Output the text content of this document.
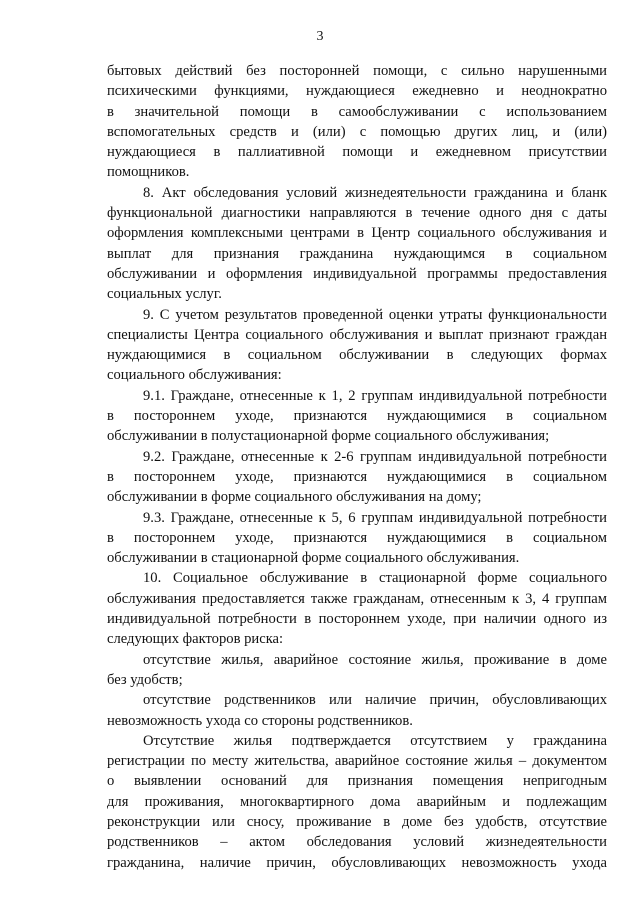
3
бытовых действий без посторонней помощи, с сильно нарушенными
психическими функциями, нуждающиеся ежедневно и неоднократно
в значительной помощи в самообслуживании с использованием
вспомогательных средств и (или) с помощью других лиц, и (или)
нуждающиеся в паллиативной помощи и ежедневном присутствии
помощников.
8. Акт обследования условий жизнедеятельности гражданина и бланк
функциональной диагностики направляются в течение одного дня с даты
оформления комплексными центрами в Центр социального обслуживания и
выплат для признания гражданина нуждающимся в социальном
обслуживании и оформления индивидуальной программы предоставления
социальных услуг.
9. С учетом результатов проведенной оценки утраты функциональности
специалисты Центра социального обслуживания и выплат признают граждан
нуждающимися в социальном обслуживании в следующих формах
социального обслуживания:
9.1. Граждане, отнесенные к 1, 2 группам индивидуальной потребности
в постороннем уходе, признаются нуждающимися в социальном
обслуживании в полустационарной форме социального обслуживания;
9.2. Граждане, отнесенные к 2-6 группам индивидуальной потребности
в постороннем уходе, признаются нуждающимися в социальном
обслуживании в форме социального обслуживания на дому;
9.3. Граждане, отнесенные к 5, 6 группам индивидуальной потребности
в постороннем уходе, признаются нуждающимися в социальном
обслуживании в стационарной форме социального обслуживания.
10. Социальное обслуживание в стационарной форме социального
обслуживания предоставляется также гражданам, отнесенным к 3, 4 группам
индивидуальной потребности в постороннем уходе, при наличии одного из
следующих факторов риска:
отсутствие жилья, аварийное состояние жилья, проживание в доме
без удобств;
отсутствие родственников или наличие причин, обусловливающих
невозможность ухода со стороны родственников.
Отсутствие жилья подтверждается отсутствием у гражданина
регистрации по месту жительства, аварийное состояние жилья – документом
о выявлении оснований для признания помещения непригодным
для проживания, многоквартирного дома аварийным и подлежащим
реконструкции или сносу, проживание в доме без удобств, отсутствие
родственников – актом обследования условий жизнедеятельности
гражданина, наличие причин, обусловливающих невозможность ухода
